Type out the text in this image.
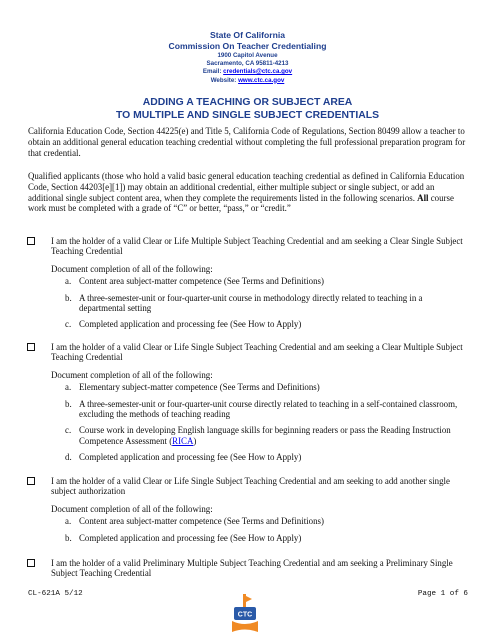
State Of California
Commission On Teacher Credentialing
1900 Capitol Avenue
Sacramento, CA 95811-4213
Email: credentials@ctc.ca.gov
Website: www.ctc.ca.gov
ADDING A TEACHING OR SUBJECT AREA
TO MULTIPLE AND SINGLE SUBJECT CREDENTIALS

California Education Code, Section 44225(e) and Title 5, California Code of Regulations, Section 80499 allow a teacher to obtain an additional general education teaching credential without completing the full professional preparation program for that credential.

Qualified applicants (those who hold a valid basic general education teaching credential as defined in California Education Code, Section 44203[e][1]) may obtain an additional credential, either multiple subject or single subject, or add an additional single subject content area, when they complete the requirements listed in the following scenarios. All course work must be completed with a grade of “C” or better, “pass,” or “credit.”

I am the holder of a valid Clear or Life Multiple Subject Teaching Credential and am seeking a Clear Single Subject Teaching Credential

Document completion of all of the following:

a. Content area subject-matter competence (See Terms and Definitions)
b. A three-semester-unit or four-quarter-unit course in methodology directly related to teaching in a departmental setting
c. Completed application and processing fee (See How to Apply)

I am the holder of a valid Clear or Life Single Subject Teaching Credential and am seeking a Clear Multiple Subject Teaching Credential

Document completion of all of the following:

a. Elementary subject-matter competence (See Terms and Definitions)
b. A three-semester-unit or four-quarter-unit course directly related to teaching in a self-contained classroom, excluding the methods of teaching reading
c. Course work in developing English language skills for beginning readers or pass the Reading Instruction Competence Assessment (RICA)
d. Completed application and processing fee (See How to Apply)

I am the holder of a valid Clear or Life Single Subject Teaching Credential and am seeking to add another single subject authorization

Document completion of all of the following:

a. Content area subject-matter competence (See Terms and Definitions)
b. Completed application and processing fee (See How to Apply)

I am the holder of a valid Preliminary Multiple Subject Teaching Credential and am seeking a Preliminary Single Subject Teaching Credential

CL-621A 5/12	Page 1 of 6
CTC
